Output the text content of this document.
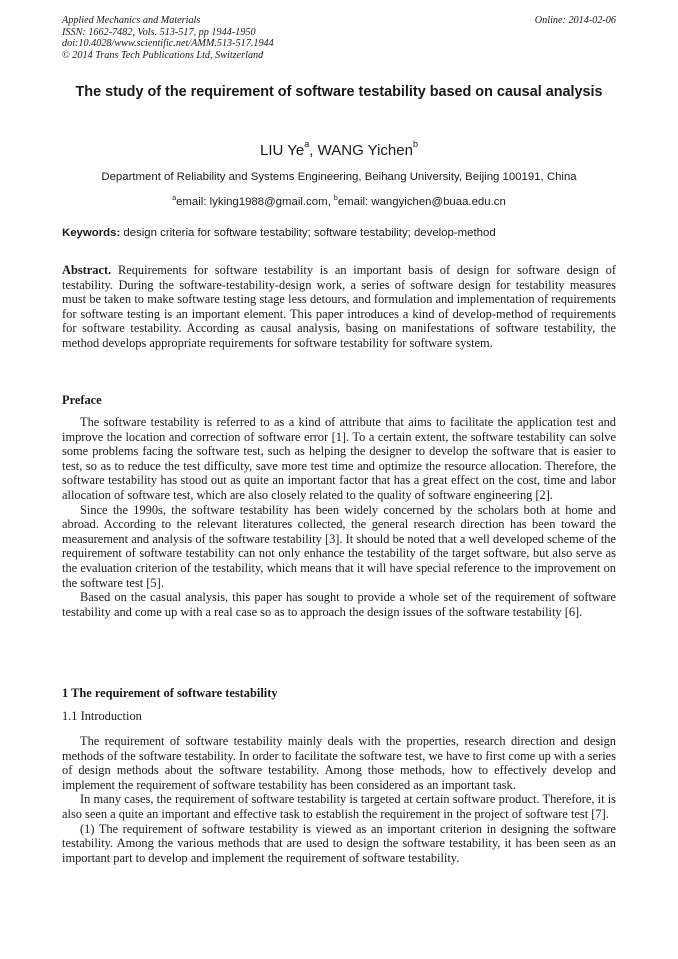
Applied Mechanics and Materials
ISSN: 1662-7482, Vols. 513-517, pp 1944-1950
doi:10.4028/www.scientific.net/AMM.513-517.1944
© 2014 Trans Tech Publications Ltd, Switzerland
Online: 2014-02-06
The study of the requirement of software testability based on causal analysis
LIU Ye$^a$, WANG Yichen$^b$
Department of Reliability and Systems Engineering, Beihang University, Beijing 100191, China
$^a$email: lyking1988@gmail.com, $^b$email: wangyichen@buaa.edu.cn
Keywords: design criteria for software testability; software testability; develop-method

Abstract. Requirements for software testability is an important basis of design for software design of testability. During the software-testability-design work, a series of software design for testability measures must be taken to make software testing stage less detours, and formulation and implementation of requirements for software testing is an important element. This paper introduces a kind of develop-method of requirements for software testability. According as causal analysis, basing on manifestations of software testability, the method develops appropriate requirements for software testability for software system.

Preface

The software testability is referred to as a kind of attribute that aims to facilitate the application test and improve the location and correction of software error [1]. To a certain extent, the software testability can solve some problems facing the software test, such as helping the designer to develop the software that is easier to test, so as to reduce the test difficulty, save more test time and optimize the resource allocation. Therefore, the software testability has stood out as quite an important factor that has a great effect on the cost, time and labor allocation of software test, which are also closely related to the quality of software engineering [2].

Since the 1990s, the software testability has been widely concerned by the scholars both at home and abroad. According to the relevant literatures collected, the general research direction has been toward the measurement and analysis of the software testability [3]. It should be noted that a well developed scheme of the requirement of software testability can not only enhance the testability of the target software, but also serve as the evaluation criterion of the testability, which means that it will have special reference to the improvement on the software test [5].

Based on the casual analysis, this paper has sought to provide a whole set of the requirement of software testability and come up with a real case so as to approach the design issues of the software testability [6].

1 The requirement of software testability
1.1 Introduction

The requirement of software testability mainly deals with the properties, research direction and design methods of the software testability. In order to facilitate the software test, we have to first come up with a series of design methods about the software testability. Among those methods, how to effectively develop and implement the requirement of software testability has been considered as an important task.

In many cases, the requirement of software testability is targeted at certain software product. Therefore, it is also seen a quite an important and effective task to establish the requirement in the project of software test [7].

(1) The requirement of software testability is viewed as an important criterion in designing the software testability. Among the various methods that are used to design the software testability, it has been seen as an important part to develop and implement the requirement of software testability.
